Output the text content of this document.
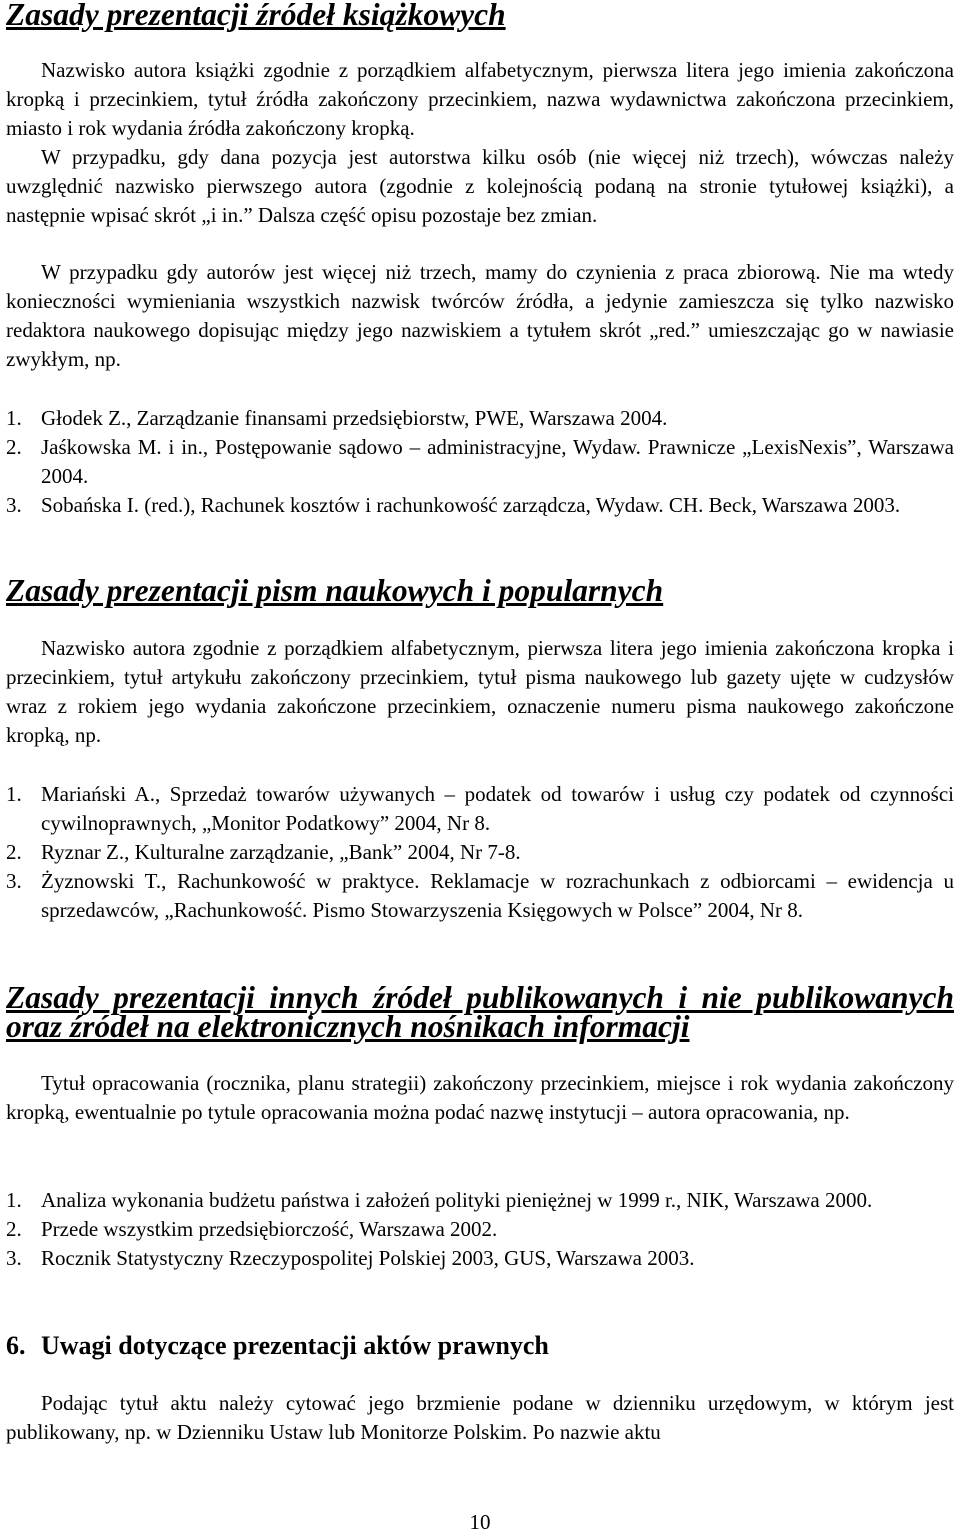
Zasady prezentacji źródeł książkowych

Nazwisko autora książki zgodnie z porządkiem alfabetycznym, pierwsza litera jego imienia zakończona kropką i przecinkiem, tytuł źródła zakończony przecinkiem, nazwa wydawnictwa zakończona przecinkiem, miasto i rok wydania źródła zakończony kropką.

W przypadku, gdy dana pozycja jest autorstwa kilku osób (nie więcej niż trzech), wówczas należy uwzględnić nazwisko pierwszego autora (zgodnie z kolejnością podaną na stronie tytułowej książki), a następnie wpisać skrót „i in.” Dalsza część opisu pozostaje bez zmian.

W przypadku gdy autorów jest więcej niż trzech, mamy do czynienia z praca zbiorową. Nie ma wtedy konieczności wymieniania wszystkich nazwisk twórców źródła, a jedynie zamieszcza się tylko nazwisko redaktora naukowego dopisując między jego nazwiskiem a tytułem skrót „red.” umieszczając go w nawiasie zwykłym, np.

1. Głodek Z., Zarządzanie finansami przedsiębiorstw, PWE, Warszawa 2004.
2. Jaśkowska M. i in., Postępowanie sądowo – administracyjne, Wydaw. Prawnicze „LexisNexis”, Warszawa 2004.
3. Sobańska I. (red.), Rachunek kosztów i rachunkowość zarządcza, Wydaw. CH. Beck, Warszawa 2003.
Zasady prezentacji pism naukowych i popularnych

Nazwisko autora zgodnie z porządkiem alfabetycznym, pierwsza litera jego imienia zakończona kropka i przecinkiem, tytuł artykułu zakończony przecinkiem, tytuł pisma naukowego lub gazety ujęte w cudzysłów wraz z rokiem jego wydania zakończone przecinkiem, oznaczenie numeru pisma naukowego zakończone kropką, np.

1. Mariański A., Sprzedaż towarów używanych – podatek od towarów i usług czy podatek od czynności cywilnoprawnych, „Monitor Podatkowy” 2004, Nr 8.
2. Ryznar Z., Kulturalne zarządzanie, „Bank” 2004, Nr 7-8.
3. Żyznowski T., Rachunkowość w praktyce. Reklamacje w rozrachunkach z odbiorcami – ewidencja u sprzedawców, „Rachunkowość. Pismo Stowarzyszenia Księgowych w Polsce” 2004, Nr 8.
Zasady prezentacji innych źródeł publikowanych i nie publikowanych oraz źródeł na elektronicznych nośnikach informacji

Tytuł opracowania (rocznika, planu strategii) zakończony przecinkiem, miejsce i rok wydania zakończony kropką, ewentualnie po tytule opracowania można podać nazwę instytucji – autora opracowania, np.

1. Analiza wykonania budżetu państwa i założeń polityki pieniężnej w 1999 r., NIK, Warszawa 2000.
2. Przede wszystkim przedsiębiorczość, Warszawa 2002.
3. Rocznik Statystyczny Rzeczypospolitej Polskiej 2003, GUS, Warszawa 2003.
6. Uwagi dotyczące prezentacji aktów prawnych

Podając tytuł aktu należy cytować jego brzmienie podane w dzienniku urzędowym, w którym jest publikowany, np. w Dzienniku Ustaw lub Monitorze Polskim. Po nazwie aktu

10
